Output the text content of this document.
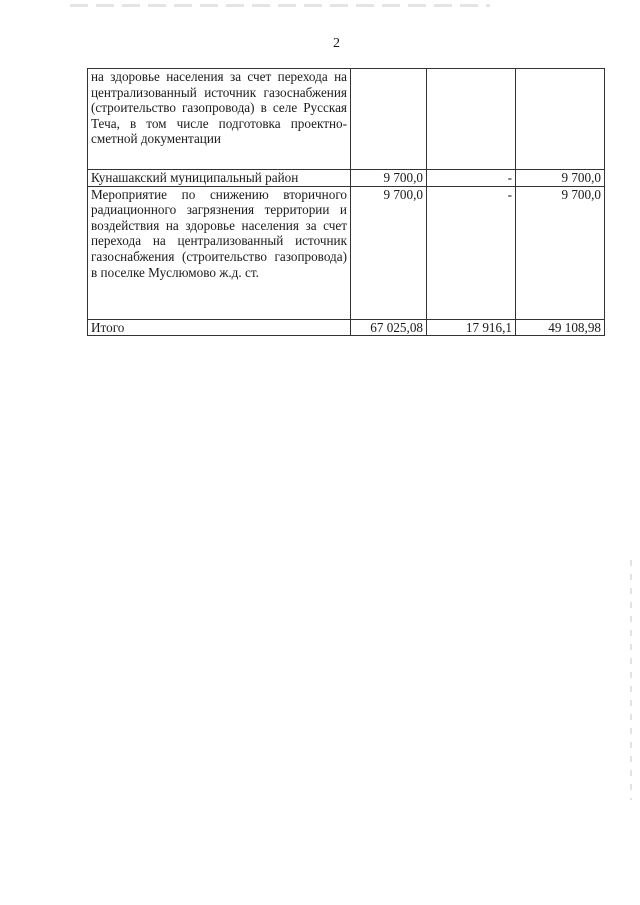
2
на здоровье населения за счет перехода на централизованный источник газоснабжения (строительство газопровода) в селе Русская Теча, в том числе подготовка проектно-сметной документации			
Кунашакский муниципальный район	9 700,0	-	9 700,0
Мероприятие по снижению вторичного радиационного загрязнения территории и воздействия на здоровье населения за счет перехода на централизованный источник газоснабжения (строительство газопровода) в поселке Муслюмово ж.д. ст.	9 700,0	-	9 700,0
Итого	67 025,08	17 916,1	49 108,98
